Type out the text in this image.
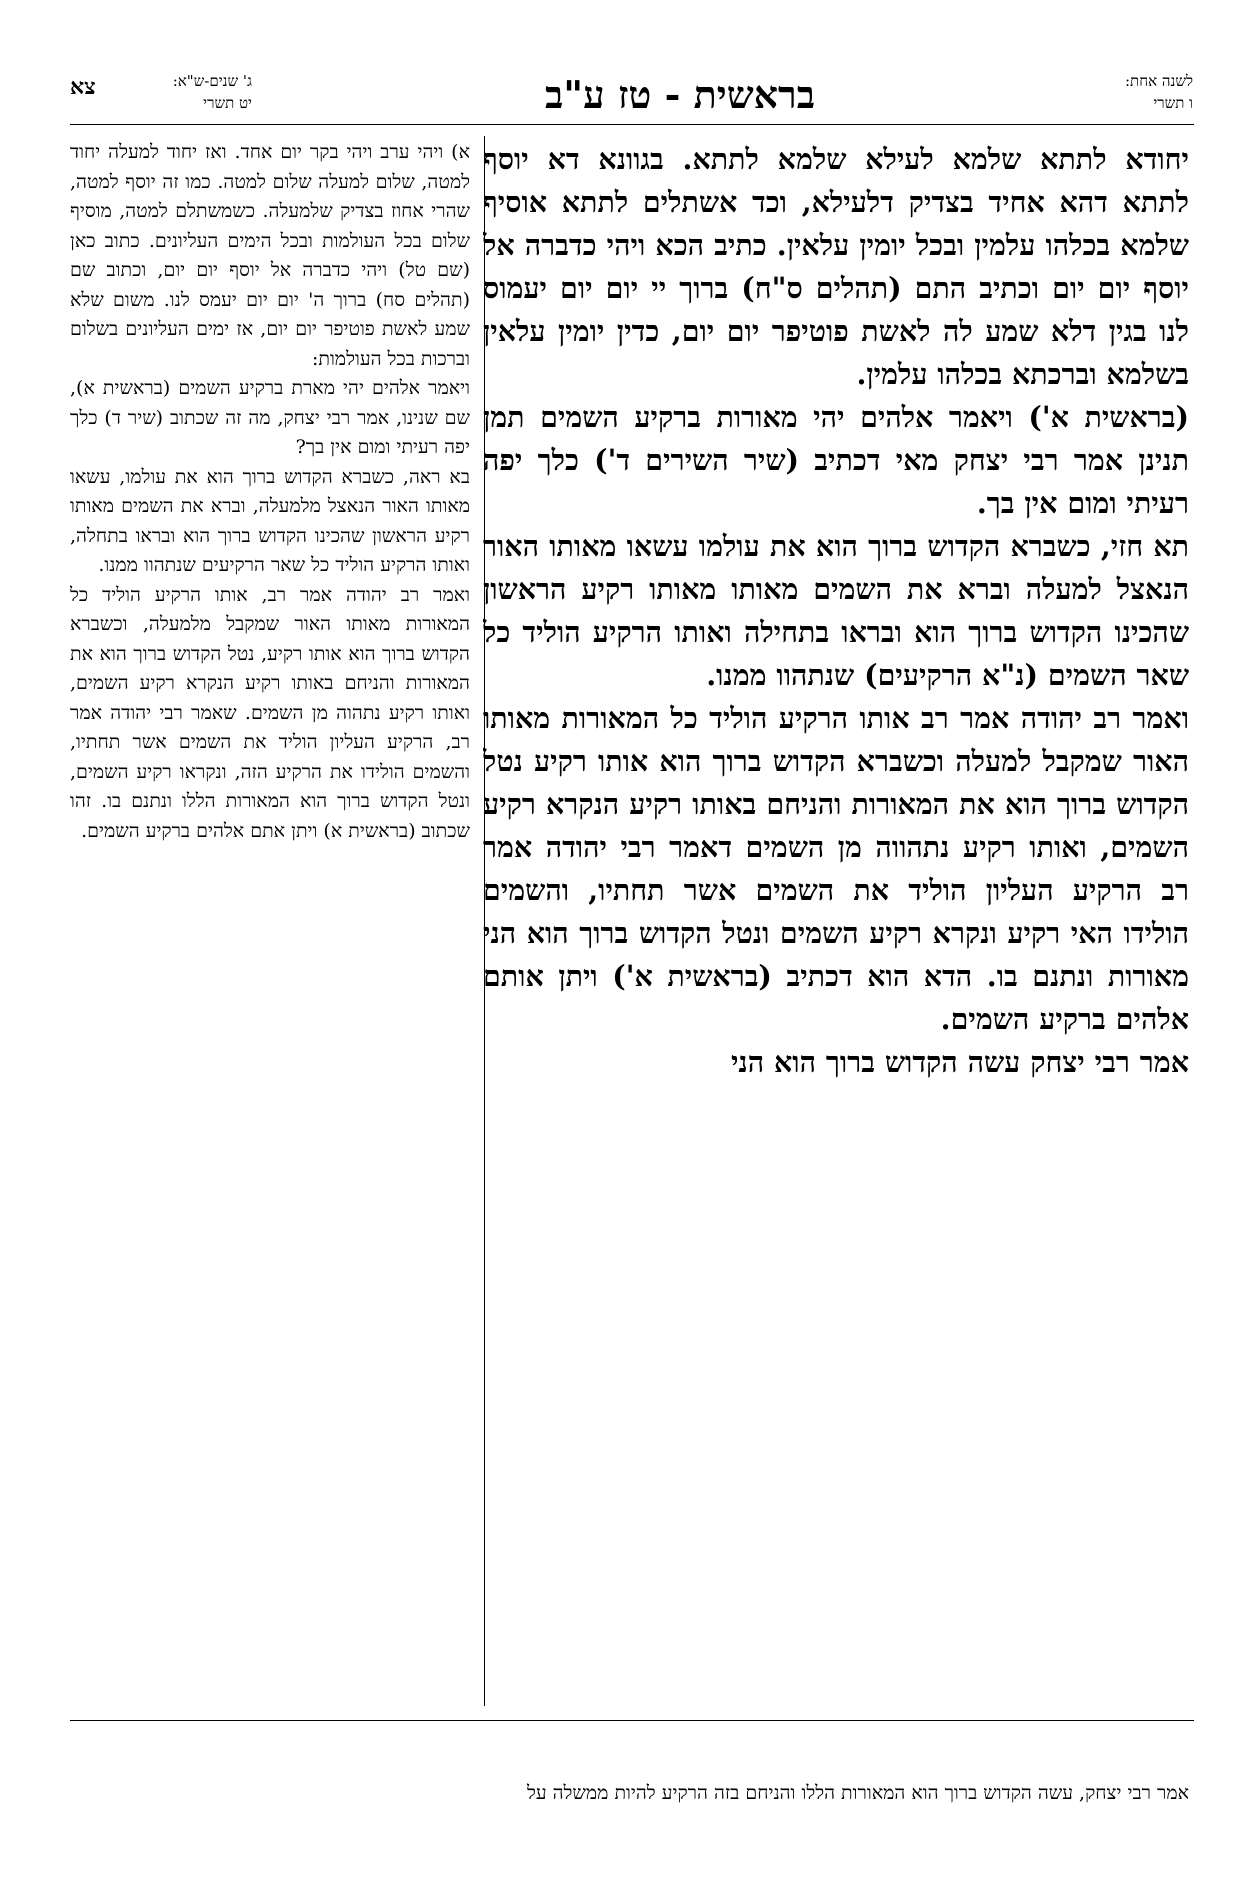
לשנה אחת:
ו תשרי
בראשית - טז ע"ב
ג' שנים-ש"א:
יט תשרי
צא

יחודא לתתא שלמא לעילא שלמא לתתא. בגוונא דא יוסף לתתא דהא אחיד בצדיק דלעילא, וכד אשתלים לתתא אוסיף שלמא בכלהו עלמין ובכל יומין עלאין. כתיב הכא ויהי כדברה אל יוסף יום יום וכתיב התם (תהלים ס"ח) ברוך יי יום יום יעמוס לנו בגין דלא שמע לה לאשת פוטיפר יום יום, כדין יומין עלאין בשלמא וברכתא בכלהו עלמין.

(בראשית א') ויאמר אלהים יהי מאורות ברקיע השמים תמן תנינן אמר רבי יצחק מאי דכתיב (שיר השירים ד') כלך יפה רעיתי ומום אין בך.

תא חזי, כשברא הקדוש ברוך הוא את עולמו עשאו מאותו האור הנאצל למעלה וברא את השמים מאותו מאותו רקיע הראשון שהכינו הקדוש ברוך הוא ובראו בתחילה ואותו הרקיע הוליד כל שאר השמים (נ"א הרקיעים) שנתהוו ממנו.

ואמר רב יהודה אמר רב אותו הרקיע הוליד כל המאורות מאותו האור שמקבל למעלה וכשברא הקדוש ברוך הוא אותו רקיע נטל הקדוש ברוך הוא את המאורות והניחם באותו רקיע הנקרא רקיע השמים, ואותו רקיע נתהווה מן השמים דאמר רבי יהודה אמר רב הרקיע העליון הוליד את השמים אשר תחתיו, והשמים הולידו האי רקיע ונקרא רקיע השמים ונטל הקדוש ברוך הוא הני מאורות ונתנם בו. הדא הוא דכתיב (בראשית א') ויתן אותם אלהים ברקיע השמים.

אמר רבי יצחק עשה הקדוש ברוך הוא הני

א) ויהי ערב ויהי בקר יום אחד. ואז יחוד למעלה יחוד למטה, שלום למעלה שלום למטה. כמו זה יוסף למטה, שהרי אחוז בצדיק שלמעלה. כשמשתלם למטה, מוסיף שלום בכל העולמות ובכל הימים העליונים. כתוב כאן (שם טל) ויהי כדברה אל יוסף יום יום, וכתוב שם (תהלים סח) ברוך ה' יום יום יעמס לנו. משום שלא שמע לאשת פוטיפר יום יום, אז ימים העליונים בשלום וברכות בכל העולמות:

ויאמר אלהים יהי מארת ברקיע השמים (בראשית א), שם שנינו, אמר רבי יצחק, מה זה שכתוב (שיר ד) כלך יפה רעיתי ומום אין בך?

בא ראה, כשברא הקדוש ברוך הוא את עולמו, עשאו מאותו האור הנאצל מלמעלה, וברא את השמים מאותו רקיע הראשון שהכינו הקדוש ברוך הוא ובראו בתחלה, ואותו הרקיע הוליד כל שאר הרקיעים שנתהוו ממנו.

ואמר רב יהודה אמר רב, אותו הרקיע הוליד כל המאורות מאותו האור שמקבל מלמעלה, וכשברא הקדוש ברוך הוא אותו רקיע, נטל הקדוש ברוך הוא את המאורות והניחם באותו רקיע הנקרא רקיע השמים, ואותו רקיע נתהוה מן השמים. שאמר רבי יהודה אמר רב, הרקיע העליון הוליד את השמים אשר תחתיו, והשמים הולידו את הרקיע הזה, ונקראו רקיע השמים, ונטל הקדוש ברוך הוא המאורות הללו ונתנם בו. זהו שכתוב (בראשית א) ויתן אתם אלהים ברקיע השמים.

אמר רבי יצחק, עשה הקדוש ברוך הוא המאורות הללו והניחם בזה הרקיע להיות ממשלה על
